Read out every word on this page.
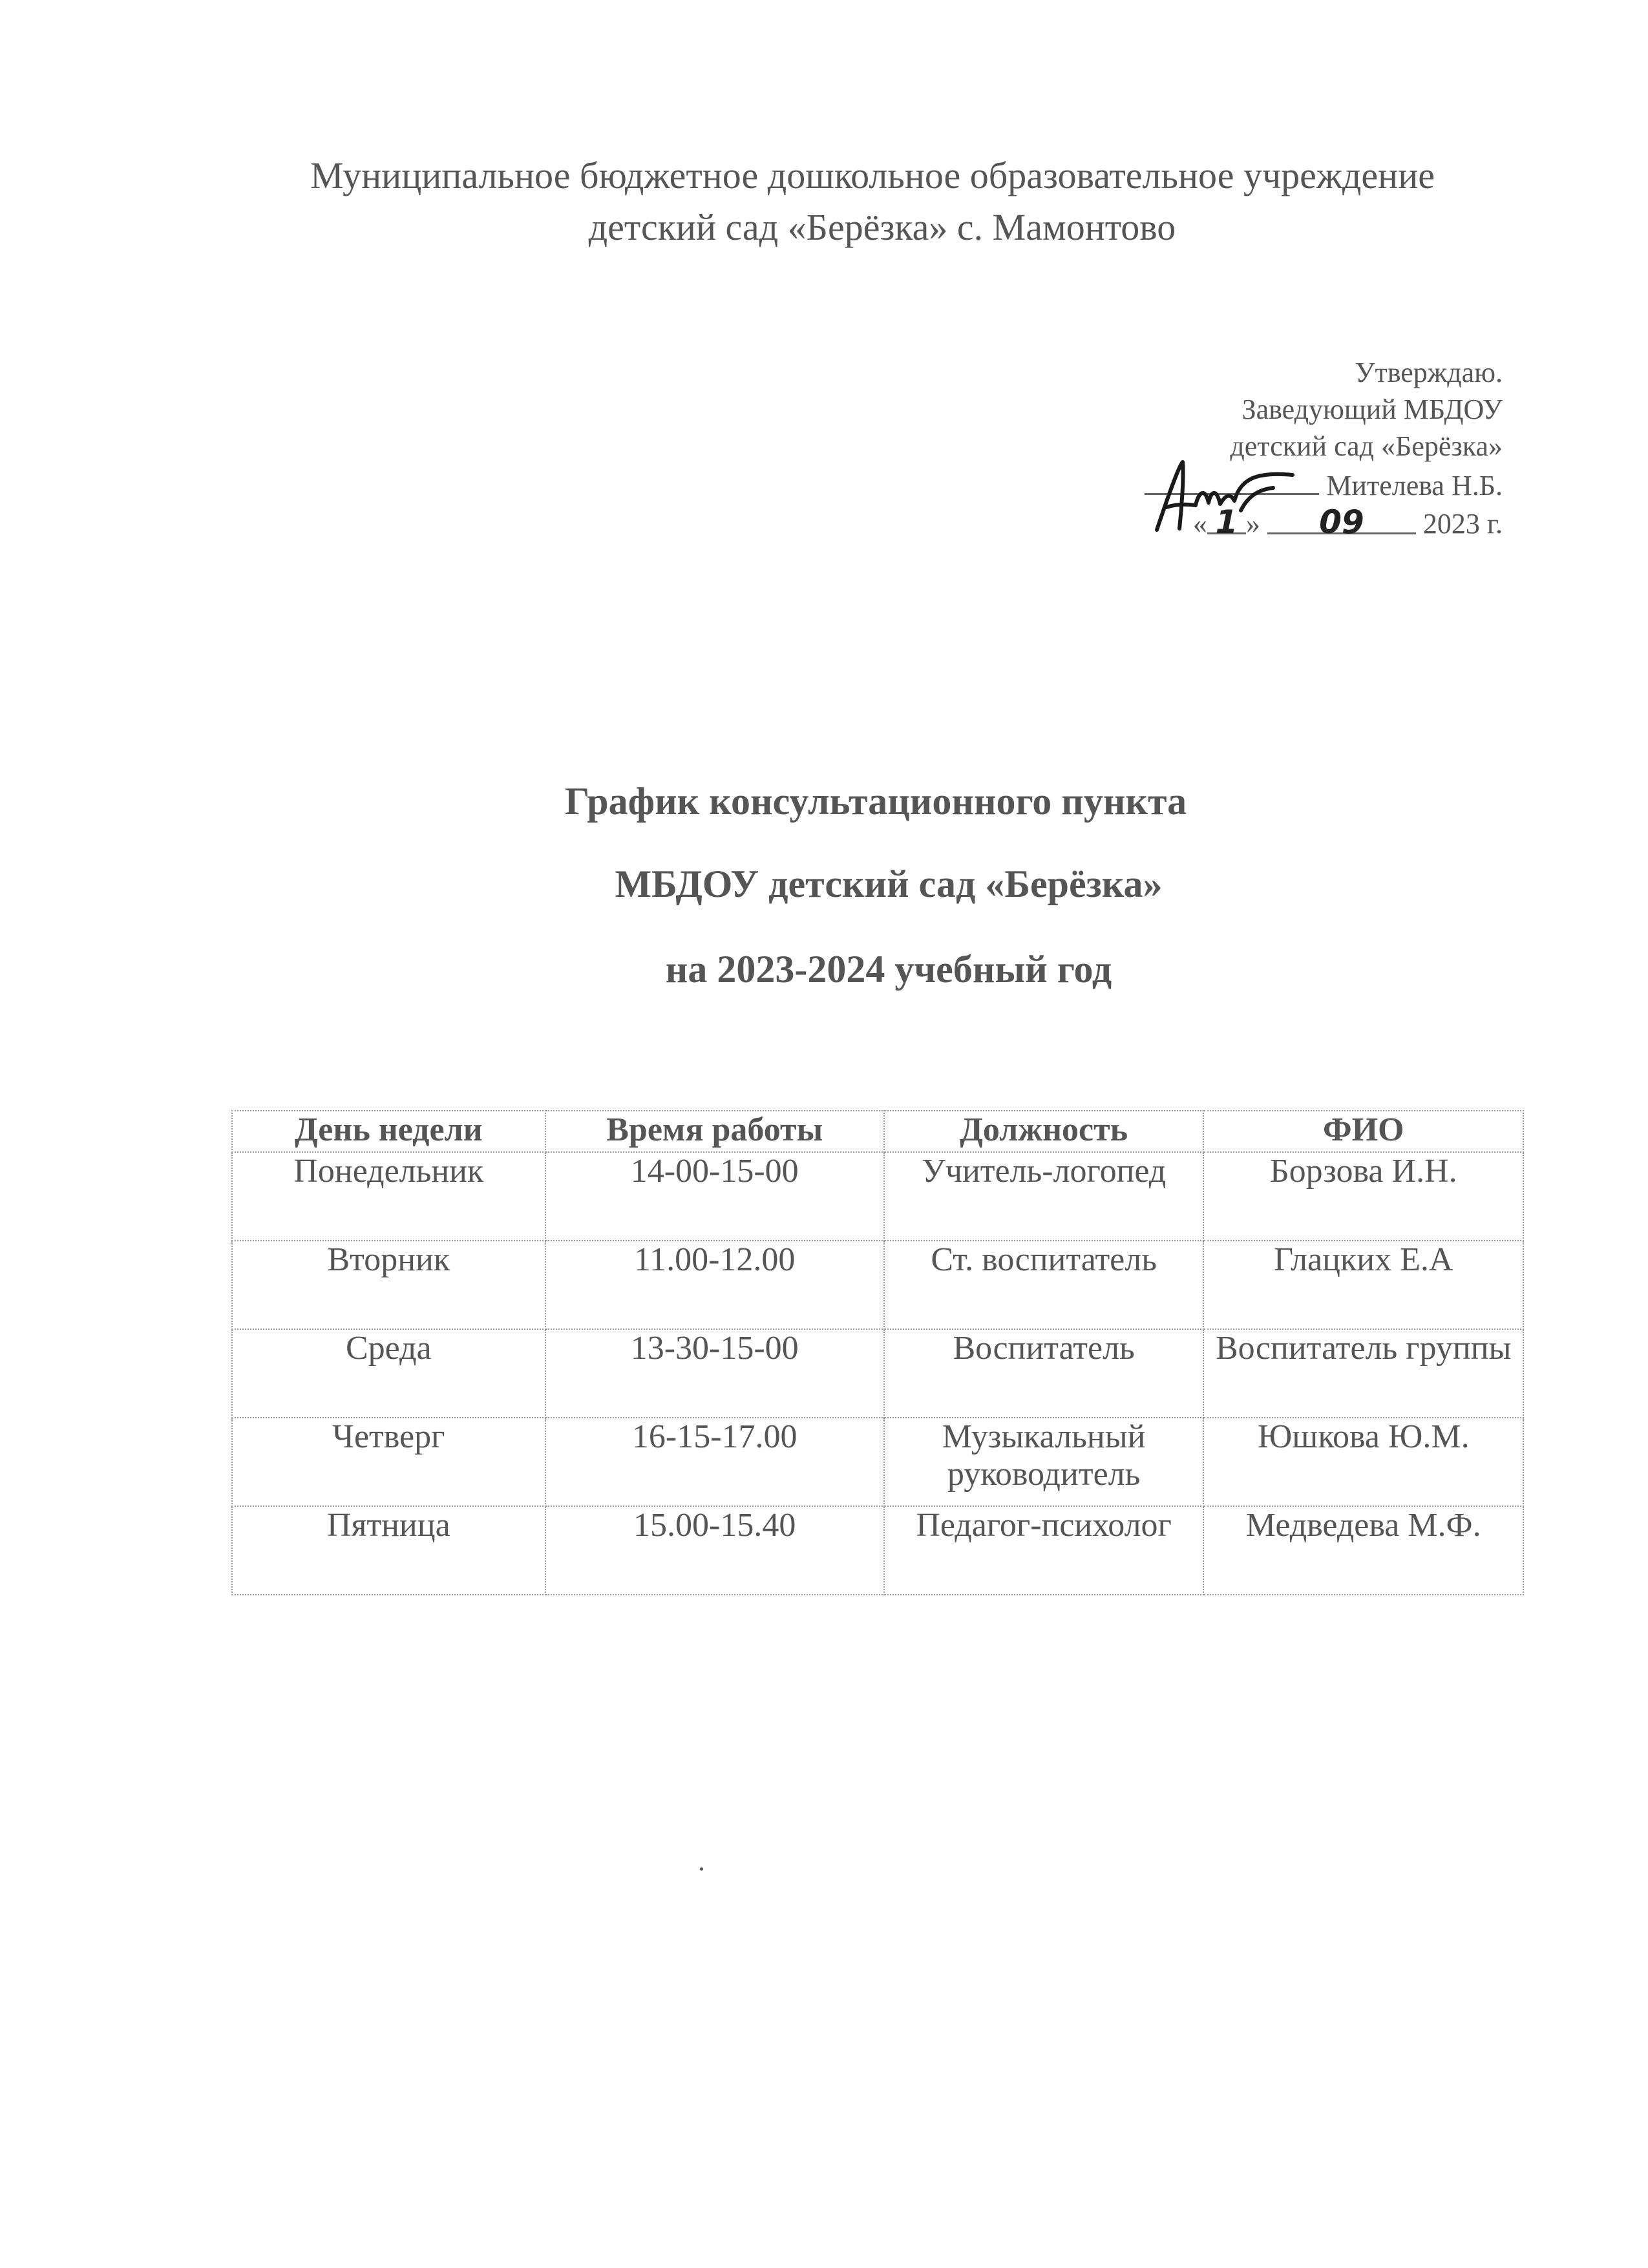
Муниципальное бюджетное дошкольное образовательное учреждение
детский сад «Берёзка» с. Мамонтово
Утверждаю.
Заведующий МБДОУ
детский сад «Берёзка»
Мителева Н.Б.
« 1 » 09 2023 г.
График консультационного пункта
МБДОУ детский сад «Берёзка»
на 2023-2024 учебный год
День недели	Время работы	Должность	ФИО
Понедельник	14-00-15-00	Учитель-логопед	Борзова И.Н.
Вторник	11.00-12.00	Ст. воспитатель	Глацких Е.А
Среда	13-30-15-00	Воспитатель	Воспитатель группы
Четверг	16-15-17.00	Музыкальный руководитель	Юшкова Ю.М.
Пятница	15.00-15.40	Педагог-психолог	Медведева М.Ф.
